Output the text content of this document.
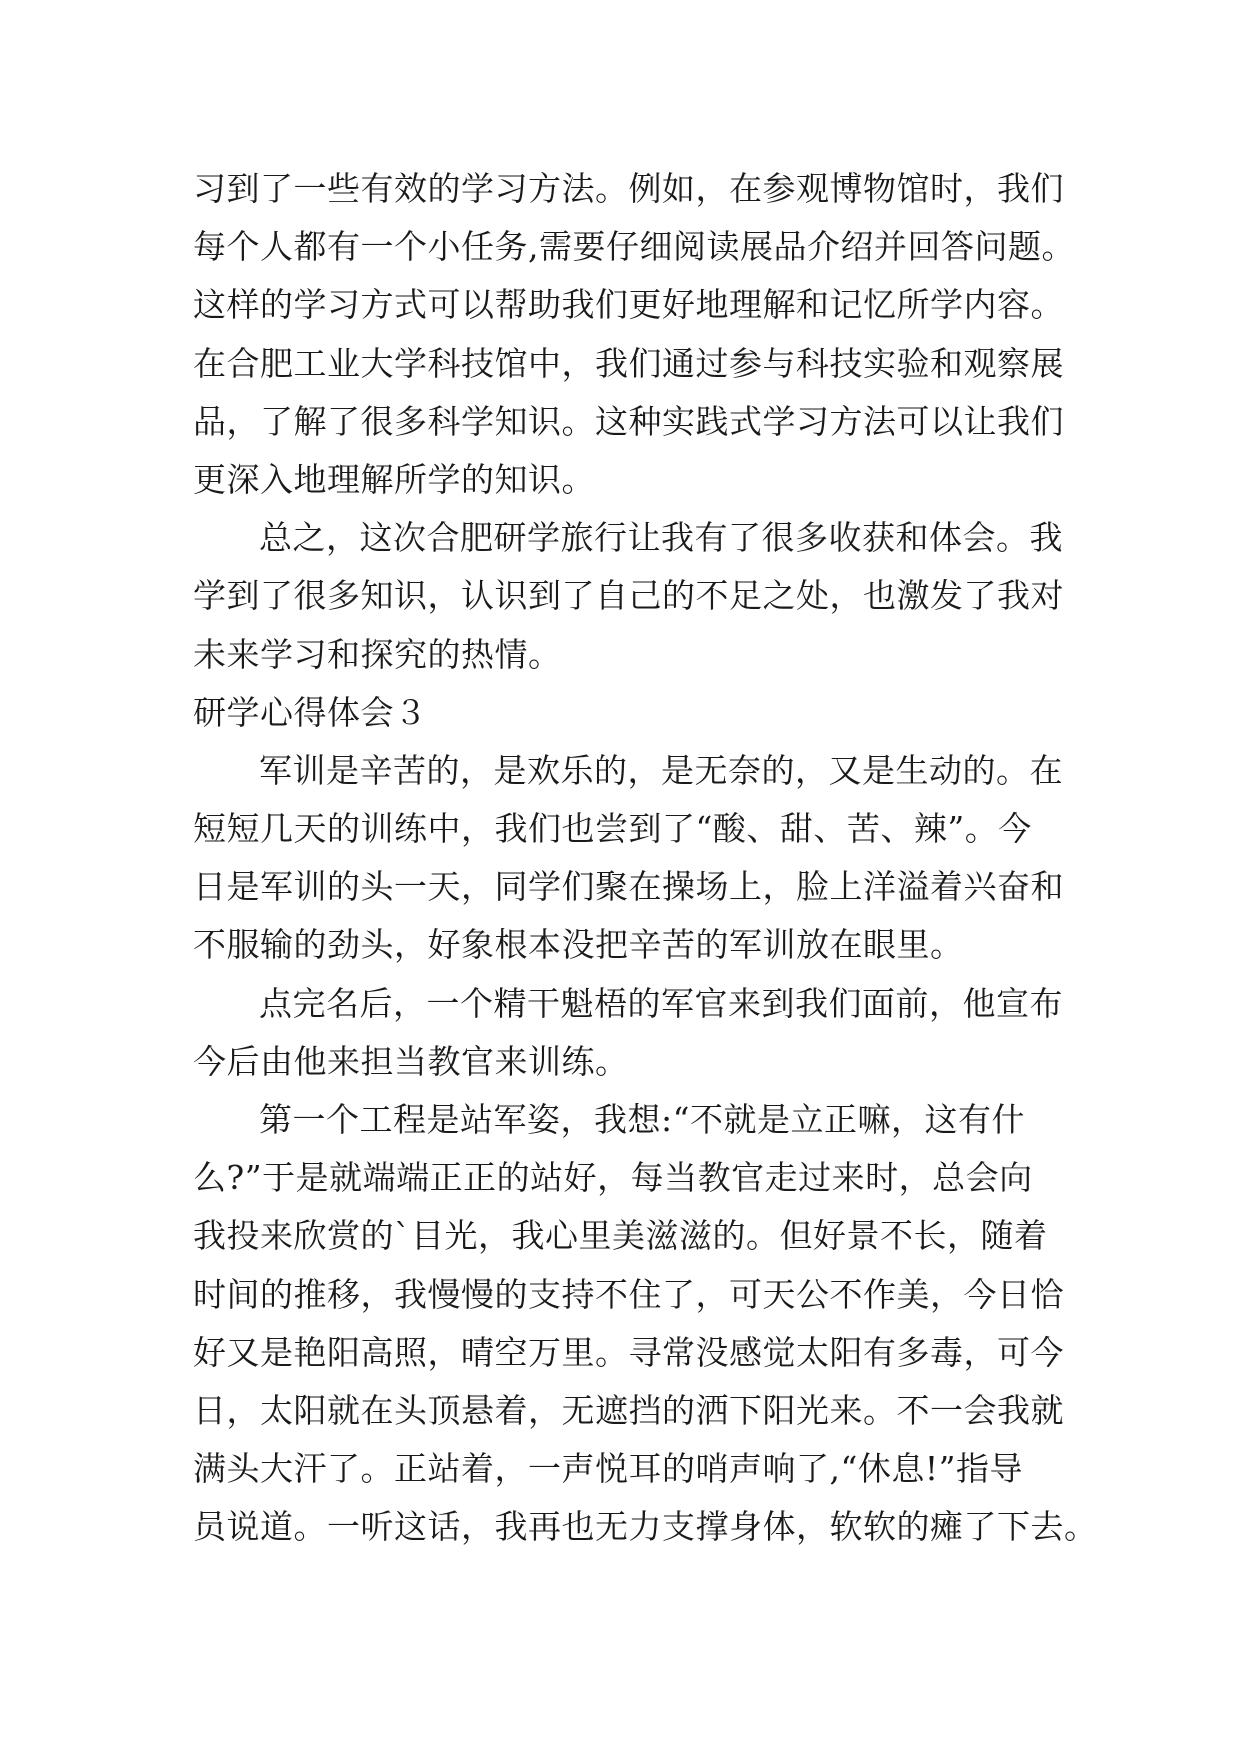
习到了一些有效的学习方法。例如，在参观博物馆时，我们
每个人都有一个小任务,需要仔细阅读展品介绍并回答问题。
这样的学习方式可以帮助我们更好地理解和记忆所学内容。
在合肥工业大学科技馆中，我们通过参与科技实验和观察展
品，了解了很多科学知识。这种实践式学习方法可以让我们
更深入地理解所学的知识。
总之，这次合肥研学旅行让我有了很多收获和体会。我
学到了很多知识，认识到了自己的不足之处，也激发了我对
未来学习和探究的热情。
研学心得体会３
军训是辛苦的，是欢乐的，是无奈的，又是生动的。在
短短几天的训练中，我们也尝到了“酸、甜、苦、辣”。今
日是军训的头一天，同学们聚在操场上，脸上洋溢着兴奋和
不服输的劲头，好象根本没把辛苦的军训放在眼里。
点完名后，一个精干魁梧的军官来到我们面前，他宣布
今后由他来担当教官来训练。
第一个工程是站军姿，我想:“不就是立正嘛，这有什
么?”于是就端端正正的站好，每当教官走过来时，总会向
我投来欣赏的`目光，我心里美滋滋的。但好景不长，随着
时间的推移，我慢慢的支持不住了，可天公不作美，今日恰
好又是艳阳高照，晴空万里。寻常没感觉太阳有多毒，可今
日，太阳就在头顶悬着，无遮挡的洒下阳光来。不一会我就
满头大汗了。正站着，一声悦耳的哨声响了,“休息!”指导
员说道。一听这话，我再也无力支撑身体，软软的瘫了下去。
